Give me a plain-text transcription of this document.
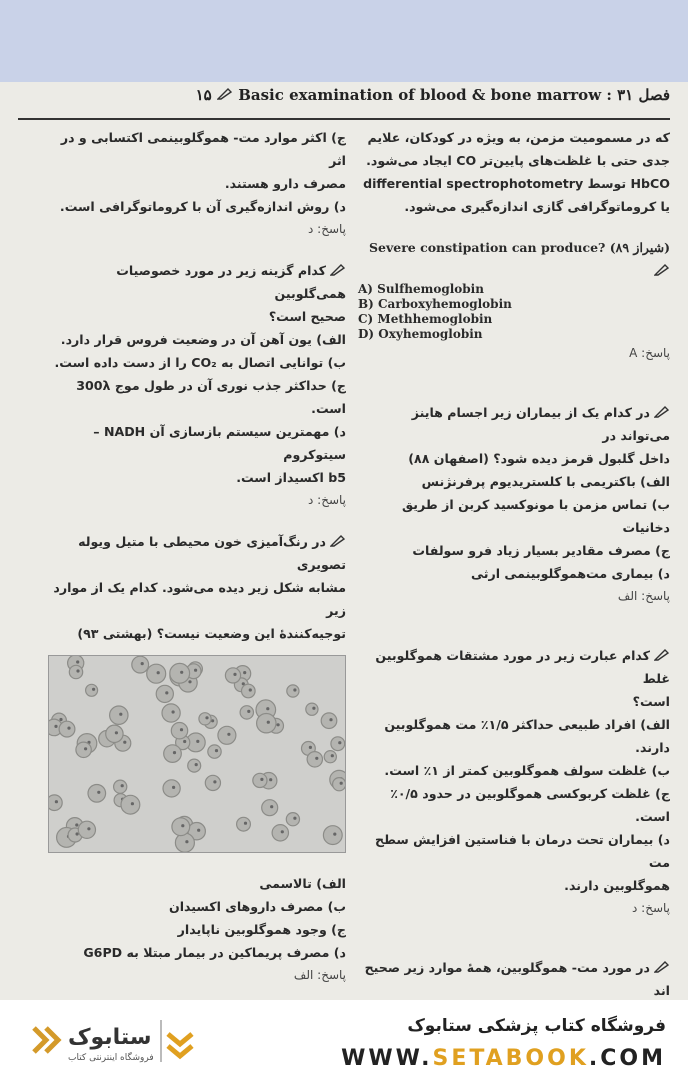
۱۵ Basic examination of blood & bone marrow : ۳۱ فصل

که در مسمومیت مزمن، به ویژه در کودکان، علایم

جدی حتی با غلظت‌های پایین‌تر CO ایجاد می‌شود.

HbCO توسط differential spectrophotometry

یا کروماتوگرافی گازی اندازه‌گیری می‌شود.

Severe constipation can produce? (شیراز ۸۹)

A) Sulfhemoglobin

B) Carboxyhemoglobin

C) Methhemoglobin

D) Oxyhemoglobin

پاسخ: A

در کدام یک از بیماران زیر اجسام هاینز می‌تواند در

داخل گلبول قرمز دیده شود؟ (اصفهان ۸۸)

الف) باکتریمی با کلستریدیوم پرفرنژنس

ب) تماس مزمن با مونوکسید کربن از طریق دخانیات

ج) مصرف مقادیر بسیار زیاد فرو سولفات

د) بیماری مت‌هموگلوبینمی ارثی

پاسخ: الف

کدام عبارت زیر در مورد مشتقات هموگلوبین غلط

است؟

الف) افراد طبیعی حداکثر ۱/۵٪ مت هموگلوبین دارند.

ب) غلظت سولف هموگلوبین کمتر از ۱٪ است.

ج) غلظت کربوکسی هموگلوبین در حدود ۰/۵٪ است.

د) بیماران تحت درمان با فناستین افزایش سطح مت

هموگلوبین دارند.

پاسخ: د

در مورد مت- هموگلوبین، همهٔ موارد زیر صحیح اند

ج) اکثر موارد مت- هموگلوبینمی اکتسابی و در اثر

مصرف دارو هستند.

د) روش اندازه‌گیری آن با کروماتوگرافی است.

پاسخ: د

کدام گزینه زیر در مورد خصوصیات همی‌گلوبین

صحیح است؟

الف) یون آهن آن در وضعیت فروس قرار دارد.

ب) توانایی اتصال به CO₂ را از دست داده است.

ج) حداکثر جذب نوری آن در طول موج 300λ است.

د) مهمترین سیستم بازسازی آن NADH – سیتوکروم

b5 اکسیداز است.

پاسخ: د

در رنگ‌آمیزی خون محیطی با متیل ویوله تصویری

مشابه شکل زیر دیده می‌شود. کدام یک از موارد زیر

توجیه‌کنندهٔ این وضعیت نیست؟ (بهشتی ۹۳)

الف) تالاسمی

ب) مصرف داروهای اکسیدان

ج) وجود هموگلوبین ناپایدار

د) مصرف پریماکین در بیمار مبتلا به G6PD

پاسخ: الف

ستابوک
فروشگاه اینترنتی کتاب
فروشگاه کتاب پزشکی ستابوک
WWW.SETABOOK.COM
